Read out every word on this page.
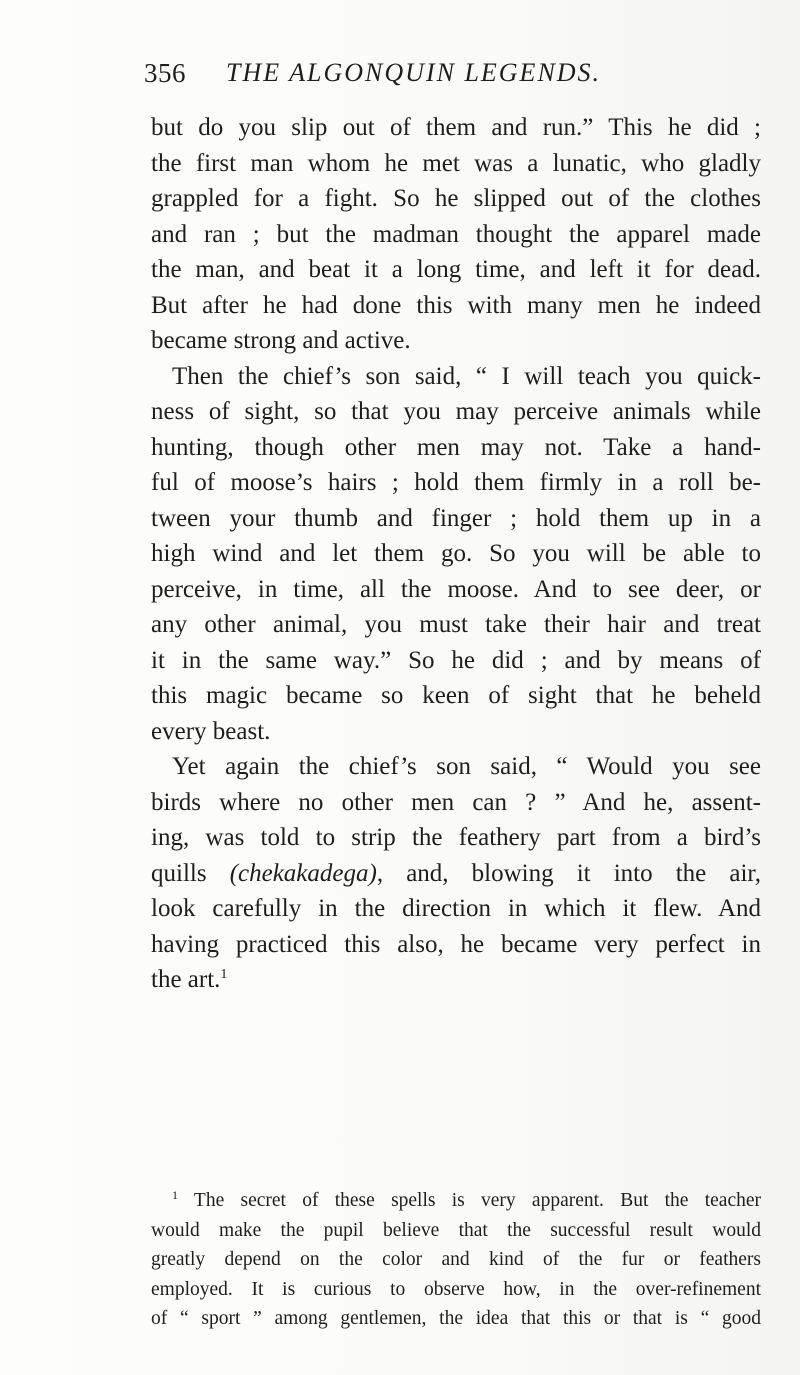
356 THE ALGONQUIN LEGENDS.
but do you slip out of them and run.” This he did ;
the first man whom he met was a lunatic, who gladly
grappled for a fight. So he slipped out of the clothes
and ran ; but the madman thought the apparel made
the man, and beat it a long time, and left it for dead.
But after he had done this with many men he indeed
became strong and active.
Then the chief’s son said, “ I will teach you quick-
ness of sight, so that you may perceive animals while
hunting, though other men may not. Take a hand-
ful of moose’s hairs ; hold them firmly in a roll be-
tween your thumb and finger ; hold them up in a
high wind and let them go. So you will be able to
perceive, in time, all the moose. And to see deer, or
any other animal, you must take their hair and treat
it in the same way.” So he did ; and by means of
this magic became so keen of sight that he beheld
every beast.
Yet again the chief’s son said, “ Would you see
birds where no other men can ? ” And he, assent-
ing, was told to strip the feathery part from a bird’s
quills (chekakadega), and, blowing it into the air,
look carefully in the direction in which it flew. And
having practiced this also, he became very perfect in
the art.$^1$
$^1$ The secret of these spells is very apparent. But the teacher
would make the pupil believe that the successful result would
greatly depend on the color and kind of the fur or feathers
employed. It is curious to observe how, in the over-refinement
of “ sport ” among gentlemen, the idea that this or that is “ good
